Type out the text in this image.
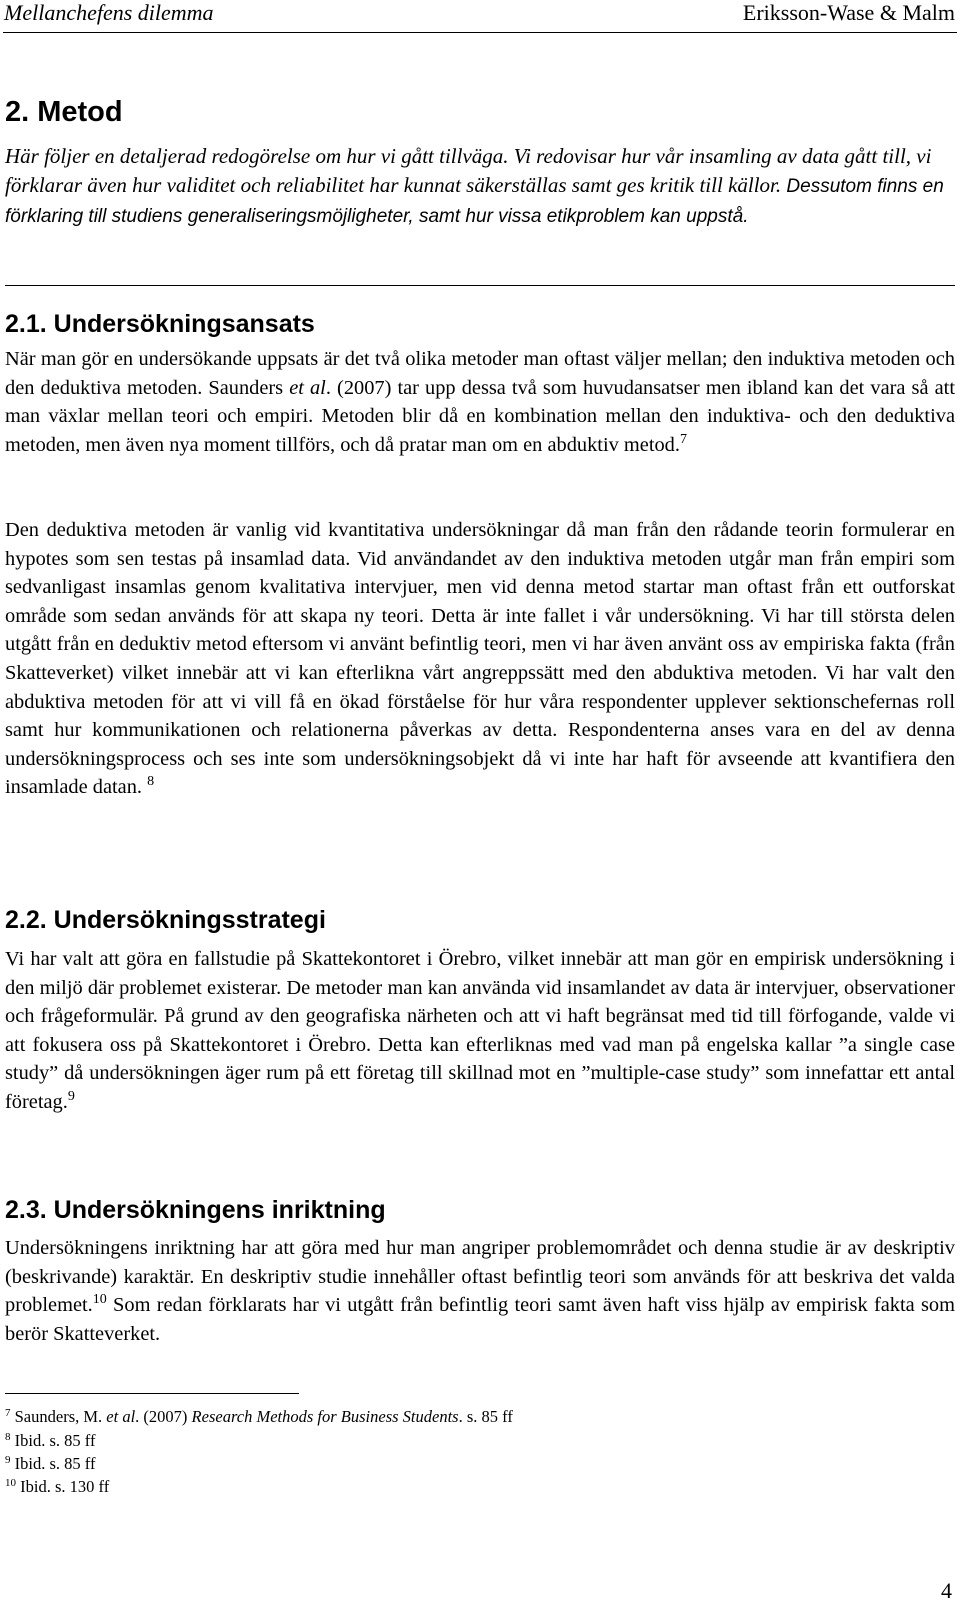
Mellanchefens dilemma	Eriksson-Wase & Malm
2. Metod

Här följer en detaljerad redogörelse om hur vi gått tillväga. Vi redovisar hur vår insamling av data gått till, vi förklarar även hur validitet och reliabilitet har kunnat säkerställas samt ges kritik till källor. Dessutom finns en förklaring till studiens generaliseringsmöjligheter, samt hur vissa etikproblem kan uppstå.

2.1. Undersökningsansats

När man gör en undersökande uppsats är det två olika metoder man oftast väljer mellan; den induktiva metoden och den deduktiva metoden. Saunders et al. (2007) tar upp dessa två som huvudansatser men ibland kan det vara så att man växlar mellan teori och empiri. Metoden blir då en kombination mellan den induktiva- och den deduktiva metoden, men även nya moment tillförs, och då pratar man om en abduktiv metod.$^7$

Den deduktiva metoden är vanlig vid kvantitativa undersökningar då man från den rådande teorin formulerar en hypotes som sen testas på insamlad data. Vid användandet av den induktiva metoden utgår man från empiri som sedvanligast insamlas genom kvalitativa intervjuer, men vid denna metod startar man oftast från ett outforskat område som sedan används för att skapa ny teori. Detta är inte fallet i vår undersökning. Vi har till största delen utgått från en deduktiv metod eftersom vi använt befintlig teori, men vi har även använt oss av empiriska fakta (från Skatteverket) vilket innebär att vi kan efterlikna vårt angreppssätt med den abduktiva metoden. Vi har valt den abduktiva metoden för att vi vill få en ökad förståelse för hur våra respondenter upplever sektionschefernas roll samt hur kommunikationen och relationerna påverkas av detta. Respondenterna anses vara en del av denna undersökningsprocess och ses inte som undersökningsobjekt då vi inte har haft för avseende att kvantifiera den insamlade datan. $^8$

2.2. Undersökningsstrategi

Vi har valt att göra en fallstudie på Skattekontoret i Örebro, vilket innebär att man gör en empirisk undersökning i den miljö där problemet existerar. De metoder man kan använda vid insamlandet av data är intervjuer, observationer och frågeformulär. På grund av den geografiska närheten och att vi haft begränsat med tid till förfogande, valde vi att fokusera oss på Skattekontoret i Örebro. Detta kan efterliknas med vad man på engelska kallar ”a single case study” då undersökningen äger rum på ett företag till skillnad mot en ”multiple-case study” som innefattar ett antal företag.$^9$

2.3. Undersökningens inriktning

Undersökningens inriktning har att göra med hur man angriper problemområdet och denna studie är av deskriptiv (beskrivande) karaktär. En deskriptiv studie innehåller oftast befintlig teori som används för att beskriva det valda problemet.$^{10}$ Som redan förklarats har vi utgått från befintlig teori samt även haft viss hjälp av empirisk fakta som berör Skatteverket.

$^7$ Saunders, M. et al. (2007) Research Methods for Business Students. s. 85 ff

$^8$ Ibid. s. 85 ff

$^9$ Ibid. s. 85 ff

$^{10}$ Ibid. s. 130 ff

4
